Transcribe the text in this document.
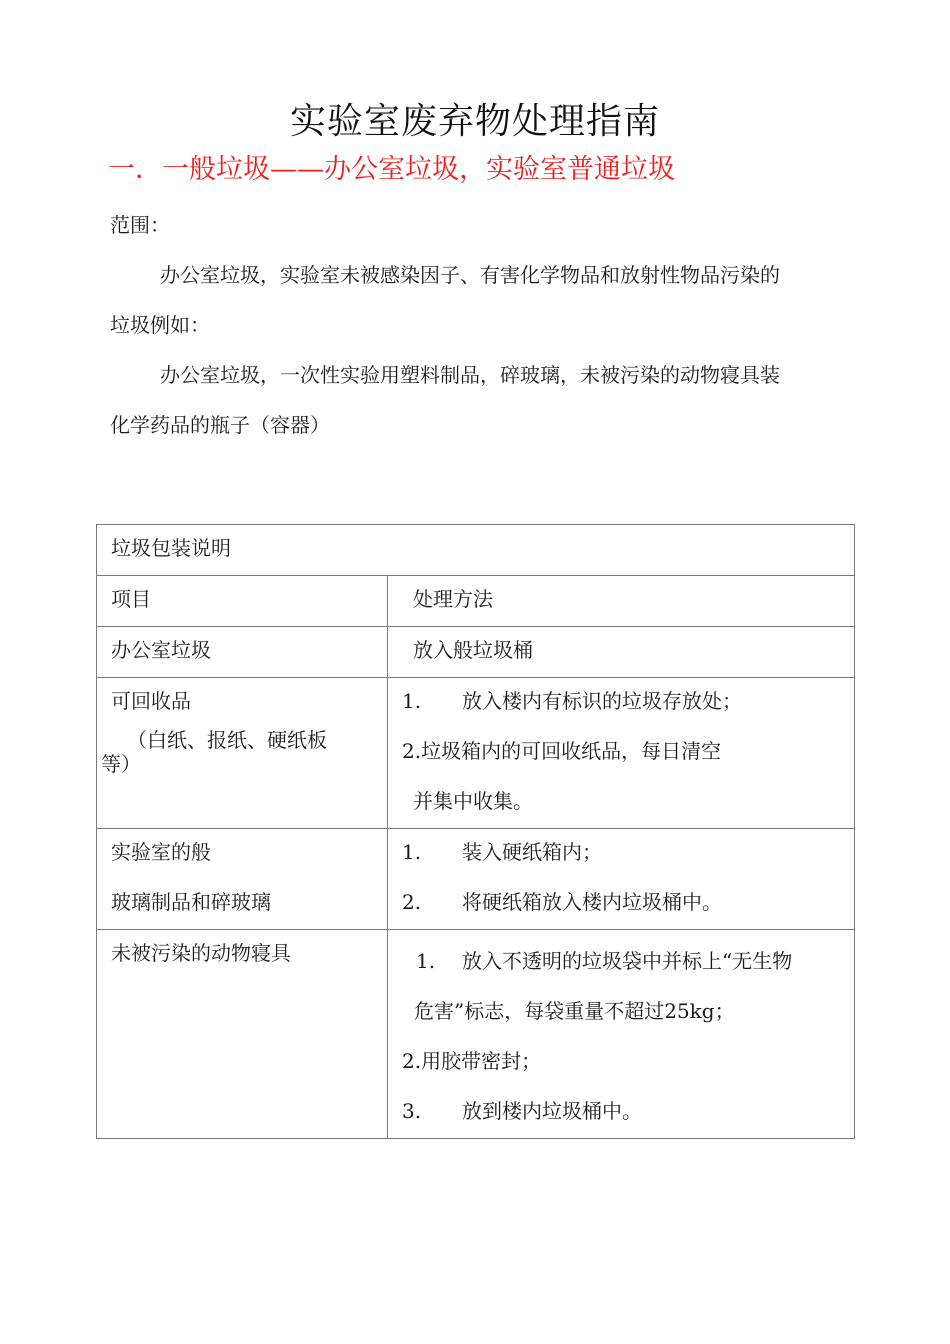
实验室废弃物处理指南
一．一般垃圾——办公室垃圾，实验室普通垃圾
范围：
办公室垃圾，实验室未被感染因子、有害化学物品和放射性物品污染的
垃圾例如：
办公室垃圾，一次性实验用塑料制品，碎玻璃，未被污染的动物寝具装
化学药品的瓶子（容器）
垃圾包装说明	

项目	处理方法

办公室垃圾	放入般垃圾桶

可回收品
（白纸、报纸、硬纸板
等）	1. 放入楼内有标识的垃圾存放处；
2.垃圾箱内的可回收纸品，每日清空
并集中收集。

实验室的般
玻璃制品和碎玻璃	1. 装入硬纸箱内；
2. 将硬纸箱放入楼内垃圾桶中。

未被污染的动物寝具	1. 放入不透明的垃圾袋中并标上“无生物
危害”标志，每袋重量不超过25kg；
2.用胶带密封；
3. 放到楼内垃圾桶中。
